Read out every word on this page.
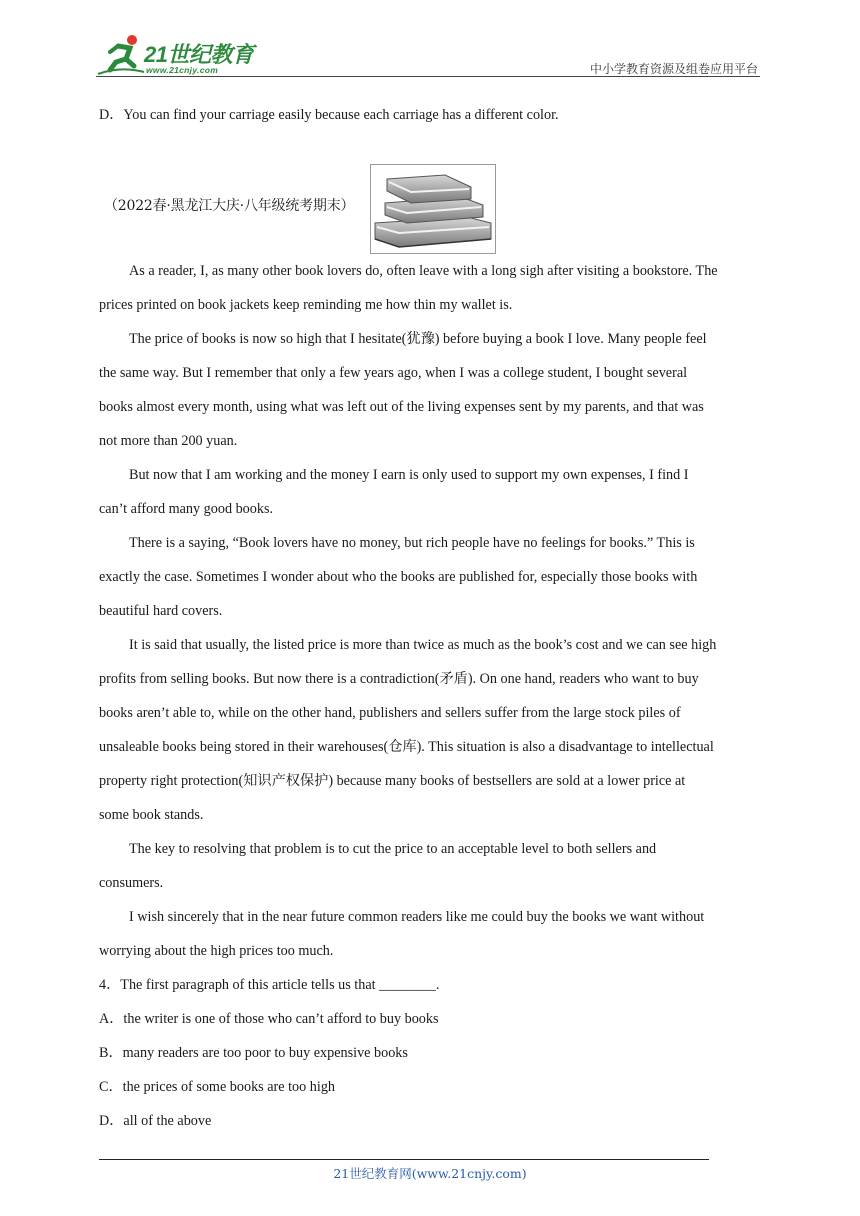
21世纪教育
www.21cnjy.com	中小学教育资源及组卷应用平台
D．You can find your carriage easily because each carriage has a different color.
（2022春·黑龙江大庆·八年级统考期末）
As a reader, I, as many other book lovers do, often leave with a long sigh after visiting a bookstore. The
prices printed on book jackets keep reminding me how thin my wallet is.
The price of books is now so high that I hesitate(犹豫) before buying a book I love. Many people feel
the same way. But I remember that only a few years ago, when I was a college student, I bought several
books almost every month, using what was left out of the living expenses sent by my parents, and that was
not more than 200 yuan.
But now that I am working and the money I earn is only used to support my own expenses, I find I
can’t afford many good books.
There is a saying, “Book lovers have no money, but rich people have no feelings for books.” This is
exactly the case. Sometimes I wonder about who the books are published for, especially those books with
beautiful hard covers.
It is said that usually, the listed price is more than twice as much as the book’s cost and we can see high
profits from selling books. But now there is a contradiction(矛盾). On one hand, readers who want to buy
books aren’t able to, while on the other hand, publishers and sellers suffer from the large stock piles of
unsaleable books being stored in their warehouses(仓库). This situation is also a disadvantage to intellectual
property right protection(知识产权保护) because many books of bestsellers are sold at a lower price at
some book stands.
The key to resolving that problem is to cut the price to an acceptable level to both sellers and
consumers.
I wish sincerely that in the near future common readers like me could buy the books we want without
worrying about the high prices too much.
4．The first paragraph of this article tells us that ________.
A．the writer is one of those who can’t afford to buy books
B．many readers are too poor to buy expensive books
C．the prices of some books are too high
D．all of the above
21世纪教育网(www.21cnjy.com)
